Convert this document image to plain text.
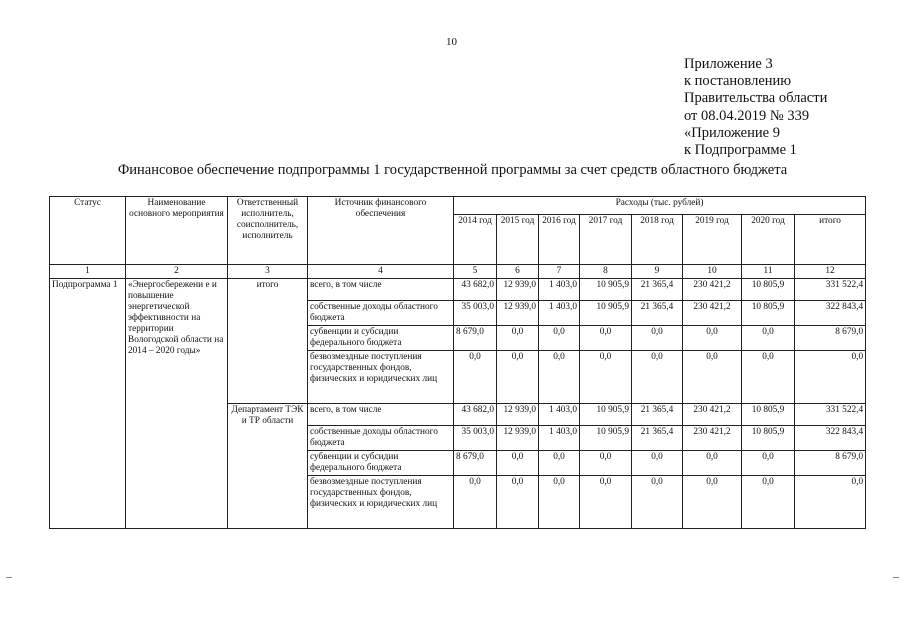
10
Приложение 3
к постановлению
Правительства области
от 08.04.2019 № 339
«Приложение 9
к Подпрограмме 1
Финансовое обеспечение подпрограммы 1 государственной программы за счет средств областного бюджета
Статус	Наименование основного мероприятия	Ответственный исполнитель, соисполнитель, исполнитель	Источник финансового обеспечения	Расходы (тыс. рублей)							
				2014 год	2015 год	2016 год	2017 год	2018 год	2019 год	2020 год	итого
1	2	3	4	5	6	7	8	9	10	11	12
Подпрограмма 1	«Энергосбережени е и повышение энергетической эффективности на территории Вологодской области на 2014 – 2020 годы»	итого	всего, в том числе	43 682,0	12 939,0	1 403,0	10 905,9	21 365,4	230 421,2	10 805,9	331 522,4
			собственные доходы областного бюджета	35 003,0	12 939,0	1 403,0	10 905,9	21 365,4	230 421,2	10 805,9	322 843,4
			субвенции и субсидии федерального бюджета	8 679,0	0,0	0,0	0,0	0,0	0,0	0,0	8 679,0
			безвозмездные поступления государственных фондов, физических и юридических лиц	0,0	0,0	0,0	0,0	0,0	0,0	0,0	0,0
		Департамент ТЭК и ТР области	всего, в том числе	43 682,0	12 939,0	1 403,0	10 905,9	21 365,4	230 421,2	10 805,9	331 522,4
			собственные доходы областного бюджета	35 003,0	12 939,0	1 403,0	10 905,9	21 365,4	230 421,2	10 805,9	322 843,4
			субвенции и субсидии федерального бюджета	8 679,0	0,0	0,0	0,0	0,0	0,0	0,0	8 679,0
			безвозмездные поступления государственных фондов, физических и юридических лиц	0,0	0,0	0,0	0,0	0,0	0,0	0,0	0,0
